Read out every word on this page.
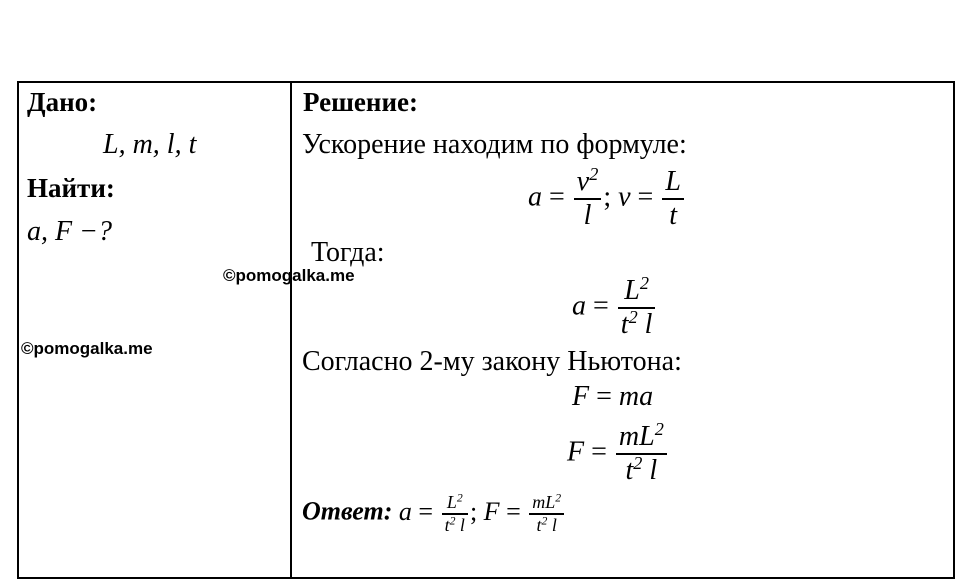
Дано:
L, m, l, t
Найти:
a, F −?
Решение:
Ускорение находим по формуле:
$a = \frac{v^2}{l}$ ; $v = \frac{L}{t}$
Тогда:
$a = \frac{L^2}{t^2 l}$
Согласно 2-му закону Ньютона:
F = ma
$F = \frac{mL^2}{t^2 l}$
Ответ: $a = \frac{L^2}{t^2 l}$ ; $F = \frac{mL^2}{t^2 l}$
©pomogalka.me
©pomogalka.me
